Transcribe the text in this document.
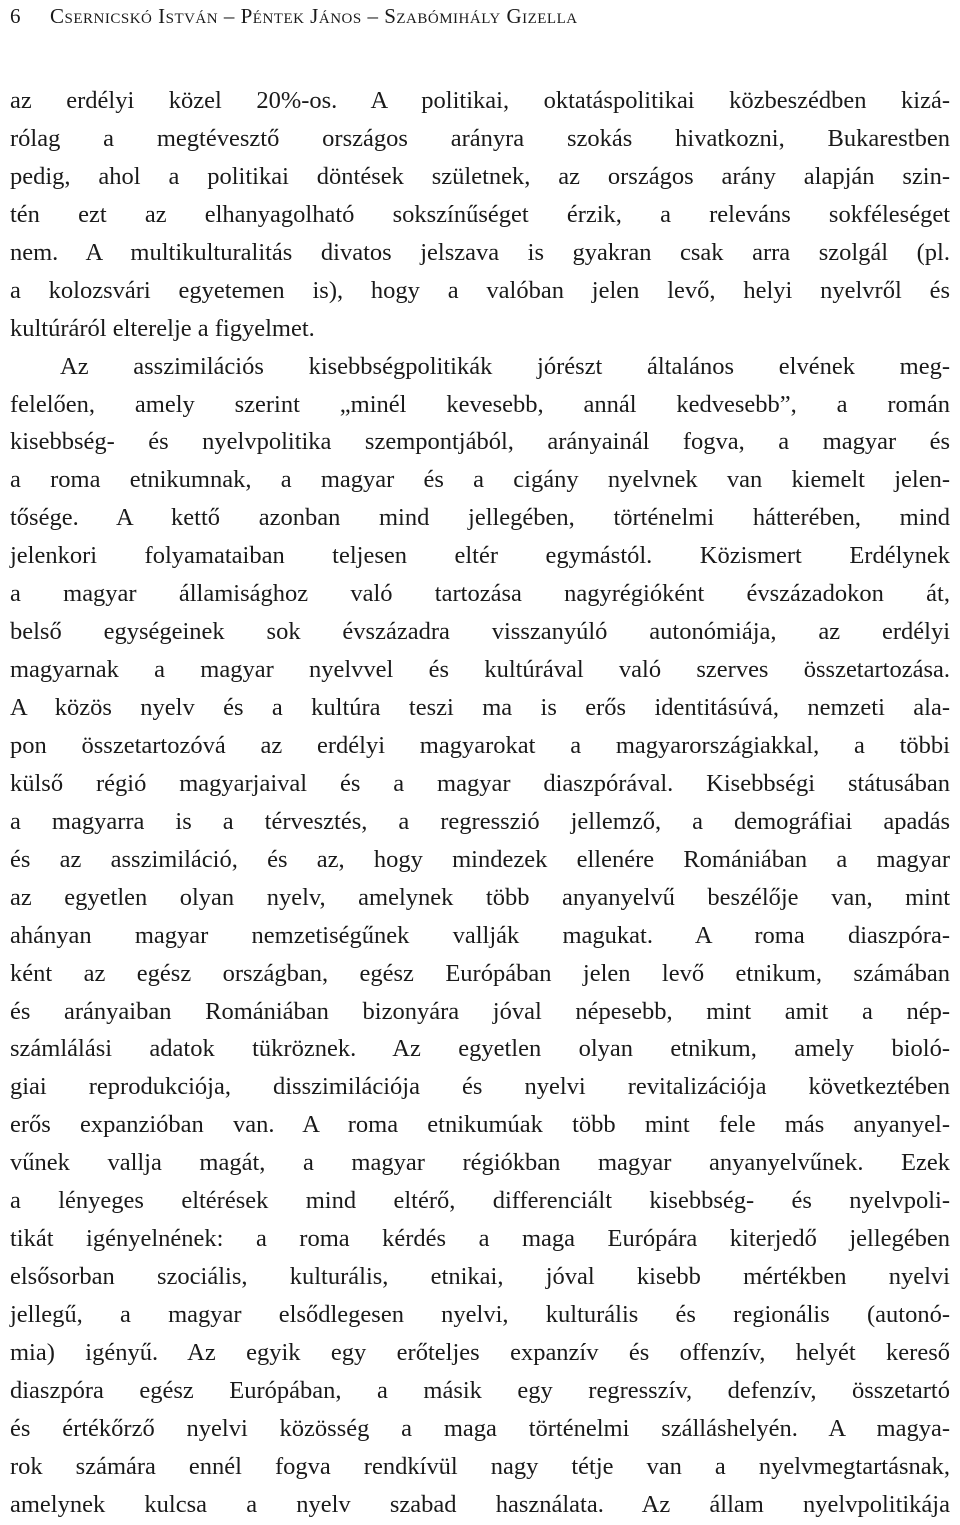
6 Csernicskó István – Péntek János – Szabómihály Gizella
az erdélyi közel 20%-os. A politikai, oktatáspolitikai közbeszédben kizá-
rólag a megtévesztő országos arányra szokás hivatkozni, Bukarestben
pedig, ahol a politikai döntések születnek, az országos arány alapján szin-
tén ezt az elhanyagolható sokszínűséget érzik, a releváns sokféleséget
nem. A multikulturalitás divatos jelszava is gyakran csak arra szolgál (pl.
a kolozsvári egyetemen is), hogy a valóban jelen levő, helyi nyelvről és
kultúráról elterelje a figyelmet.
Az asszimilációs kisebbségpolitikák jórészt általános elvének meg-
felelően, amely szerint „minél kevesebb, annál kedvesebb”, a román
kisebbség- és nyelvpolitika szempontjából, arányainál fogva, a magyar és
a roma etnikumnak, a magyar és a cigány nyelvnek van kiemelt jelen-
tősége. A kettő azonban mind jellegében, történelmi hátterében, mind
jelenkori folyamataiban teljesen eltér egymástól. Közismert Erdélynek
a magyar államisághoz való tartozása nagyrégióként évszázadokon át,
belső egységeinek sok évszázadra visszanyúló autonómiája, az erdélyi
magyarnak a magyar nyelvvel és kultúrával való szerves összetartozása.
A közös nyelv és a kultúra teszi ma is erős identitásúvá, nemzeti ala-
pon összetartozóvá az erdélyi magyarokat a magyarországiakkal, a többi
külső régió magyarjaival és a magyar diaszpórával. Kisebbségi státusában
a magyarra is a térvesztés, a regresszió jellemző, a demográfiai apadás
és az asszimiláció, és az, hogy mindezek ellenére Romániában a magyar
az egyetlen olyan nyelv, amelynek több anyanyelvű beszélője van, mint
ahányan magyar nemzetiségűnek vallják magukat. A roma diaszpóra-
ként az egész országban, egész Európában jelen levő etnikum, számában
és arányaiban Romániában bizonyára jóval népesebb, mint amit a nép-
számlálási adatok tükröznek. Az egyetlen olyan etnikum, amely bioló-
giai reprodukciója, disszimilációja és nyelvi revitalizációja következtében
erős expanzióban van. A roma etnikumúak több mint fele más anyanyel-
vűnek vallja magát, a magyar régiókban magyar anyanyelvűnek. Ezek
a lényeges eltérések mind eltérő, differenciált kisebbség- és nyelvpoli-
tikát igényelnének: a roma kérdés a maga Európára kiterjedő jellegében
elsősorban szociális, kulturális, etnikai, jóval kisebb mértékben nyelvi
jellegű, a magyar elsődlegesen nyelvi, kulturális és regionális (autonó-
mia) igényű. Az egyik egy erőteljes expanzív és offenzív, helyét kereső
diaszpóra egész Európában, a másik egy regresszív, defenzív, összetartó
és értékőrző nyelvi közösség a maga történelmi szálláshelyén. A magya-
rok számára ennél fogva rendkívül nagy tétje van a nyelvmegtartásnak,
amelynek kulcsa a nyelv szabad használata. Az állam nyelvpolitikája
